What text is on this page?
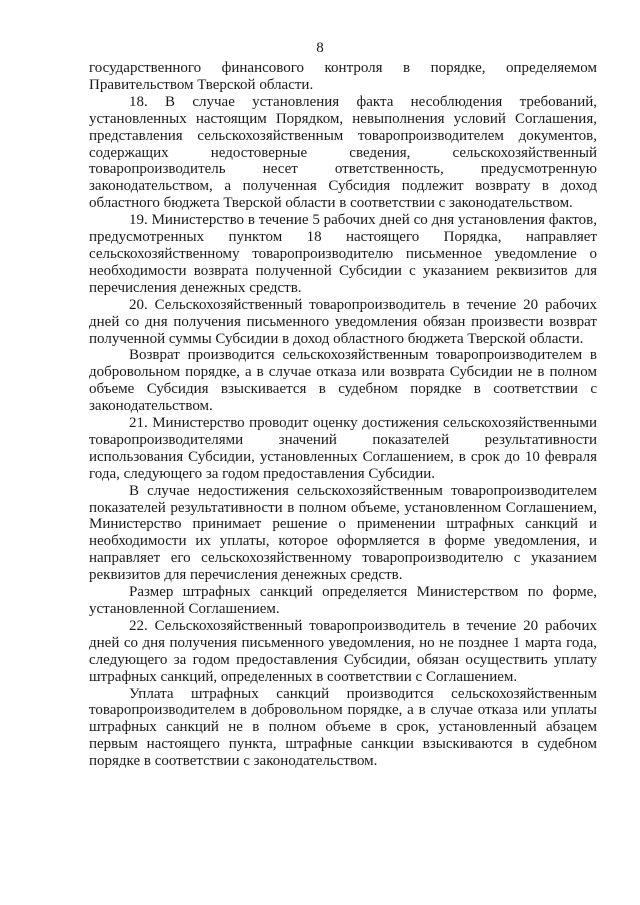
8

государственного финансового контроля в порядке, определяемом Правительством Тверской области.

18. В случае установления факта несоблюдения требований, установленных настоящим Порядком, невыполнения условий Соглашения, представления сельскохозяйственным товаропроизводителем документов, содержащих недостоверные сведения, сельскохозяйственный товаропроизводитель несет ответственность, предусмотренную законодательством, а полученная Субсидия подлежит возврату в доход областного бюджета Тверской области в соответствии с законодательством.

19. Министерство в течение 5 рабочих дней со дня установления фактов, предусмотренных пунктом 18 настоящего Порядка, направляет сельскохозяйственному товаропроизводителю письменное уведомление о необходимости возврата полученной Субсидии с указанием реквизитов для перечисления денежных средств.

20. Сельскохозяйственный товаропроизводитель в течение 20 рабочих дней со дня получения письменного уведомления обязан произвести возврат полученной суммы Субсидии в доход областного бюджета Тверской области.

Возврат производится сельскохозяйственным товаропроизводителем в добровольном порядке, а в случае отказа или возврата Субсидии не в полном объеме Субсидия взыскивается в судебном порядке в соответствии с законодательством.

21. Министерство проводит оценку достижения сельскохозяйственными товаропроизводителями значений показателей результативности использования Субсидии, установленных Соглашением, в срок до 10 февраля года, следующего за годом предоставления Субсидии.

В случае недостижения сельскохозяйственным товаропроизводителем показателей результативности в полном объеме, установленном Соглашением, Министерство принимает решение о применении штрафных санкций и необходимости их уплаты, которое оформляется в форме уведомления, и направляет его сельскохозяйственному товаропроизводителю с указанием реквизитов для перечисления денежных средств.

Размер штрафных санкций определяется Министерством по форме, установленной Соглашением.

22. Сельскохозяйственный товаропроизводитель в течение 20 рабочих дней со дня получения письменного уведомления, но не позднее 1 марта года, следующего за годом предоставления Субсидии, обязан осуществить уплату штрафных санкций, определенных в соответствии с Соглашением.

Уплата штрафных санкций производится сельскохозяйственным товаропроизводителем в добровольном порядке, а в случае отказа или уплаты штрафных санкций не в полном объеме в срок, установленный абзацем первым настоящего пункта, штрафные санкции взыскиваются в судебном порядке в соответствии с законодательством.
